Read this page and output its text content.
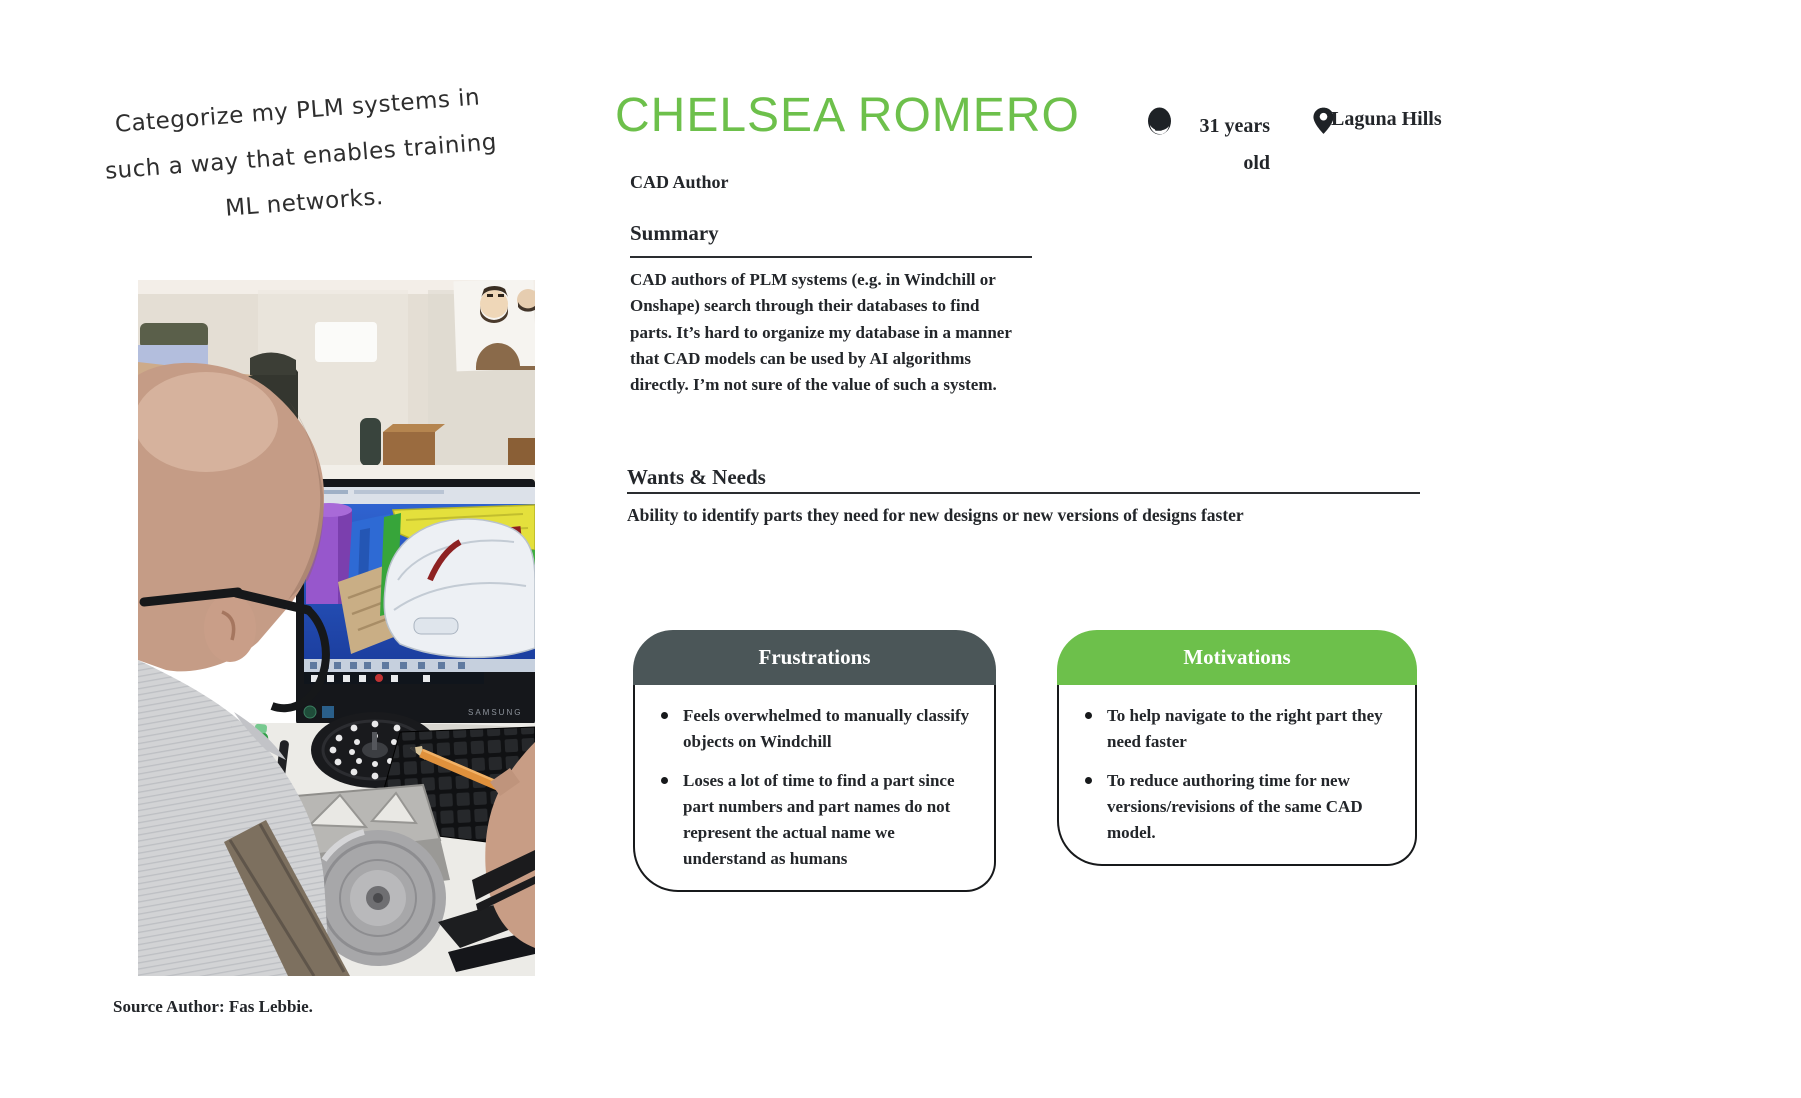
Categorize my PLM systems in such a way that enables training ML networks.
SAMSUNG
Source Author: Fas Lebbie.
CHELSEA ROMERO
CAD Author
31 years old
Laguna Hills
Summary
CAD authors of PLM systems (e.g. in Windchill or Onshape) search through their databases to find parts. It’s hard to organize my database in a manner that CAD models can be used by AI algorithms directly. I’m not sure of the value of such a system.
Wants & Needs
Ability to identify parts they need for new designs or new versions of designs faster
Frustrations
Feels overwhelmed to manually classify objects on Windchill
Loses a lot of time to find a part since part numbers and part names do not represent the actual name we understand as humans
Motivations
To help navigate to the right part they need faster
To reduce authoring time for new versions/revisions of the same CAD model.
